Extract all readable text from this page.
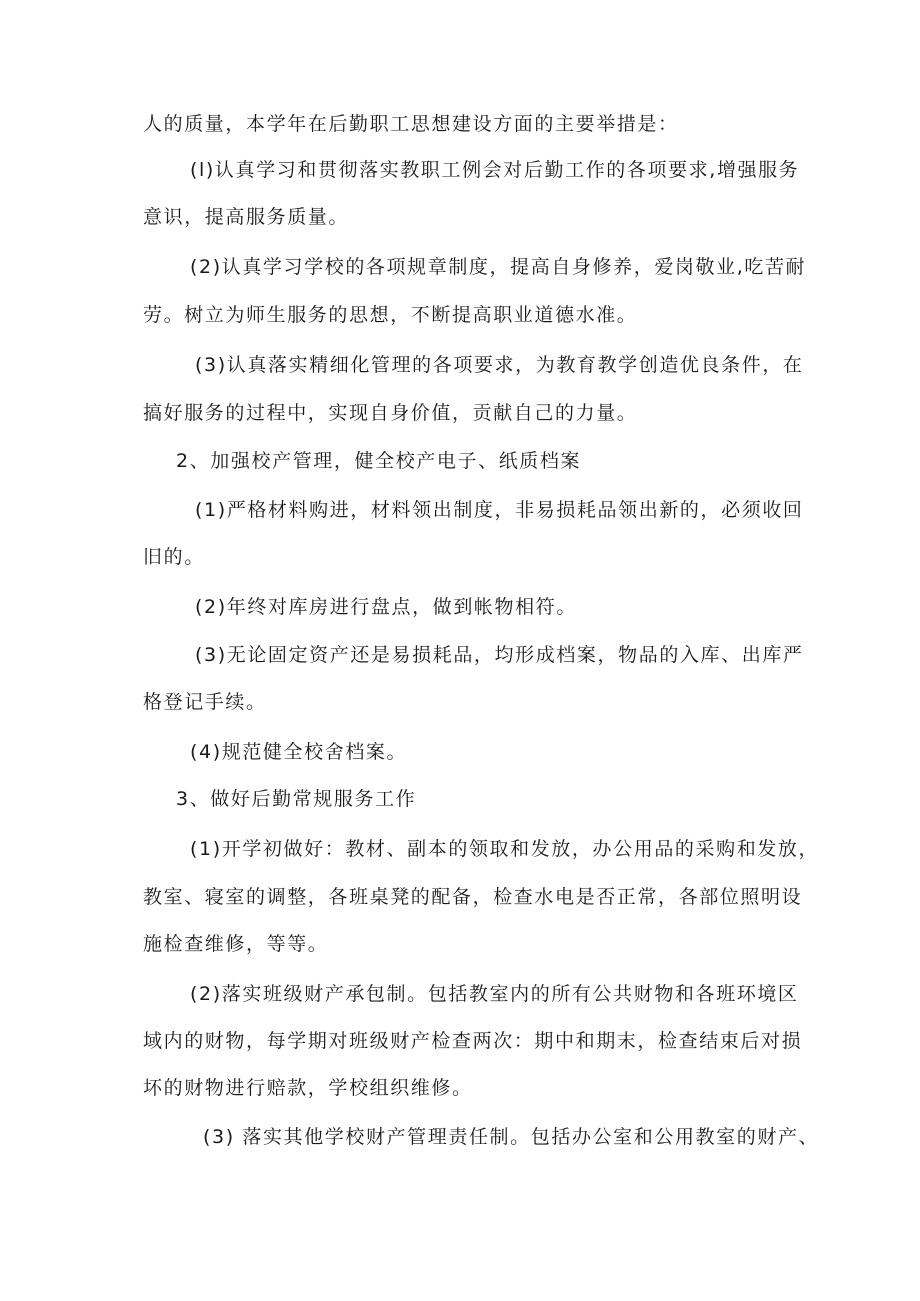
人的质量，本学年在后勤职工思想建设方面的主要举措是：

(l)认真学习和贯彻落实教职工例会对后勤工作的各项要求,增强服务

意识，提高服务质量。

(2)认真学习学校的各项规章制度，提高自身修养，爱岗敬业,吃苦耐

劳。树立为师生服务的思想，不断提高职业道德水准。

(3)认真落实精细化管理的各项要求，为教育教学创造优良条件，在

搞好服务的过程中，实现自身价值，贡献自己的力量。

2、加强校产管理，健全校产电子、纸质档案

(1)严格材料购进，材料领出制度，非易损耗品领出新的，必须收回

旧的。

(2)年终对库房进行盘点，做到帐物相符。

(3)无论固定资产还是易损耗品，均形成档案，物品的入库、出库严

格登记手续。

(4)规范健全校舍档案。

3、做好后勤常规服务工作

(1)开学初做好：教材、副本的领取和发放，办公用品的采购和发放，

教室、寝室的调整，各班桌凳的配备，检查水电是否正常，各部位照明设

施检查维修，等等。

(2)落实班级财产承包制。包括教室内的所有公共财物和各班环境区

域内的财物，每学期对班级财产检查两次：期中和期末，检查结束后对损

坏的财物进行赔款，学校组织维修。

(3) 落实其他学校财产管理责任制。包括办公室和公用教室的财产、
